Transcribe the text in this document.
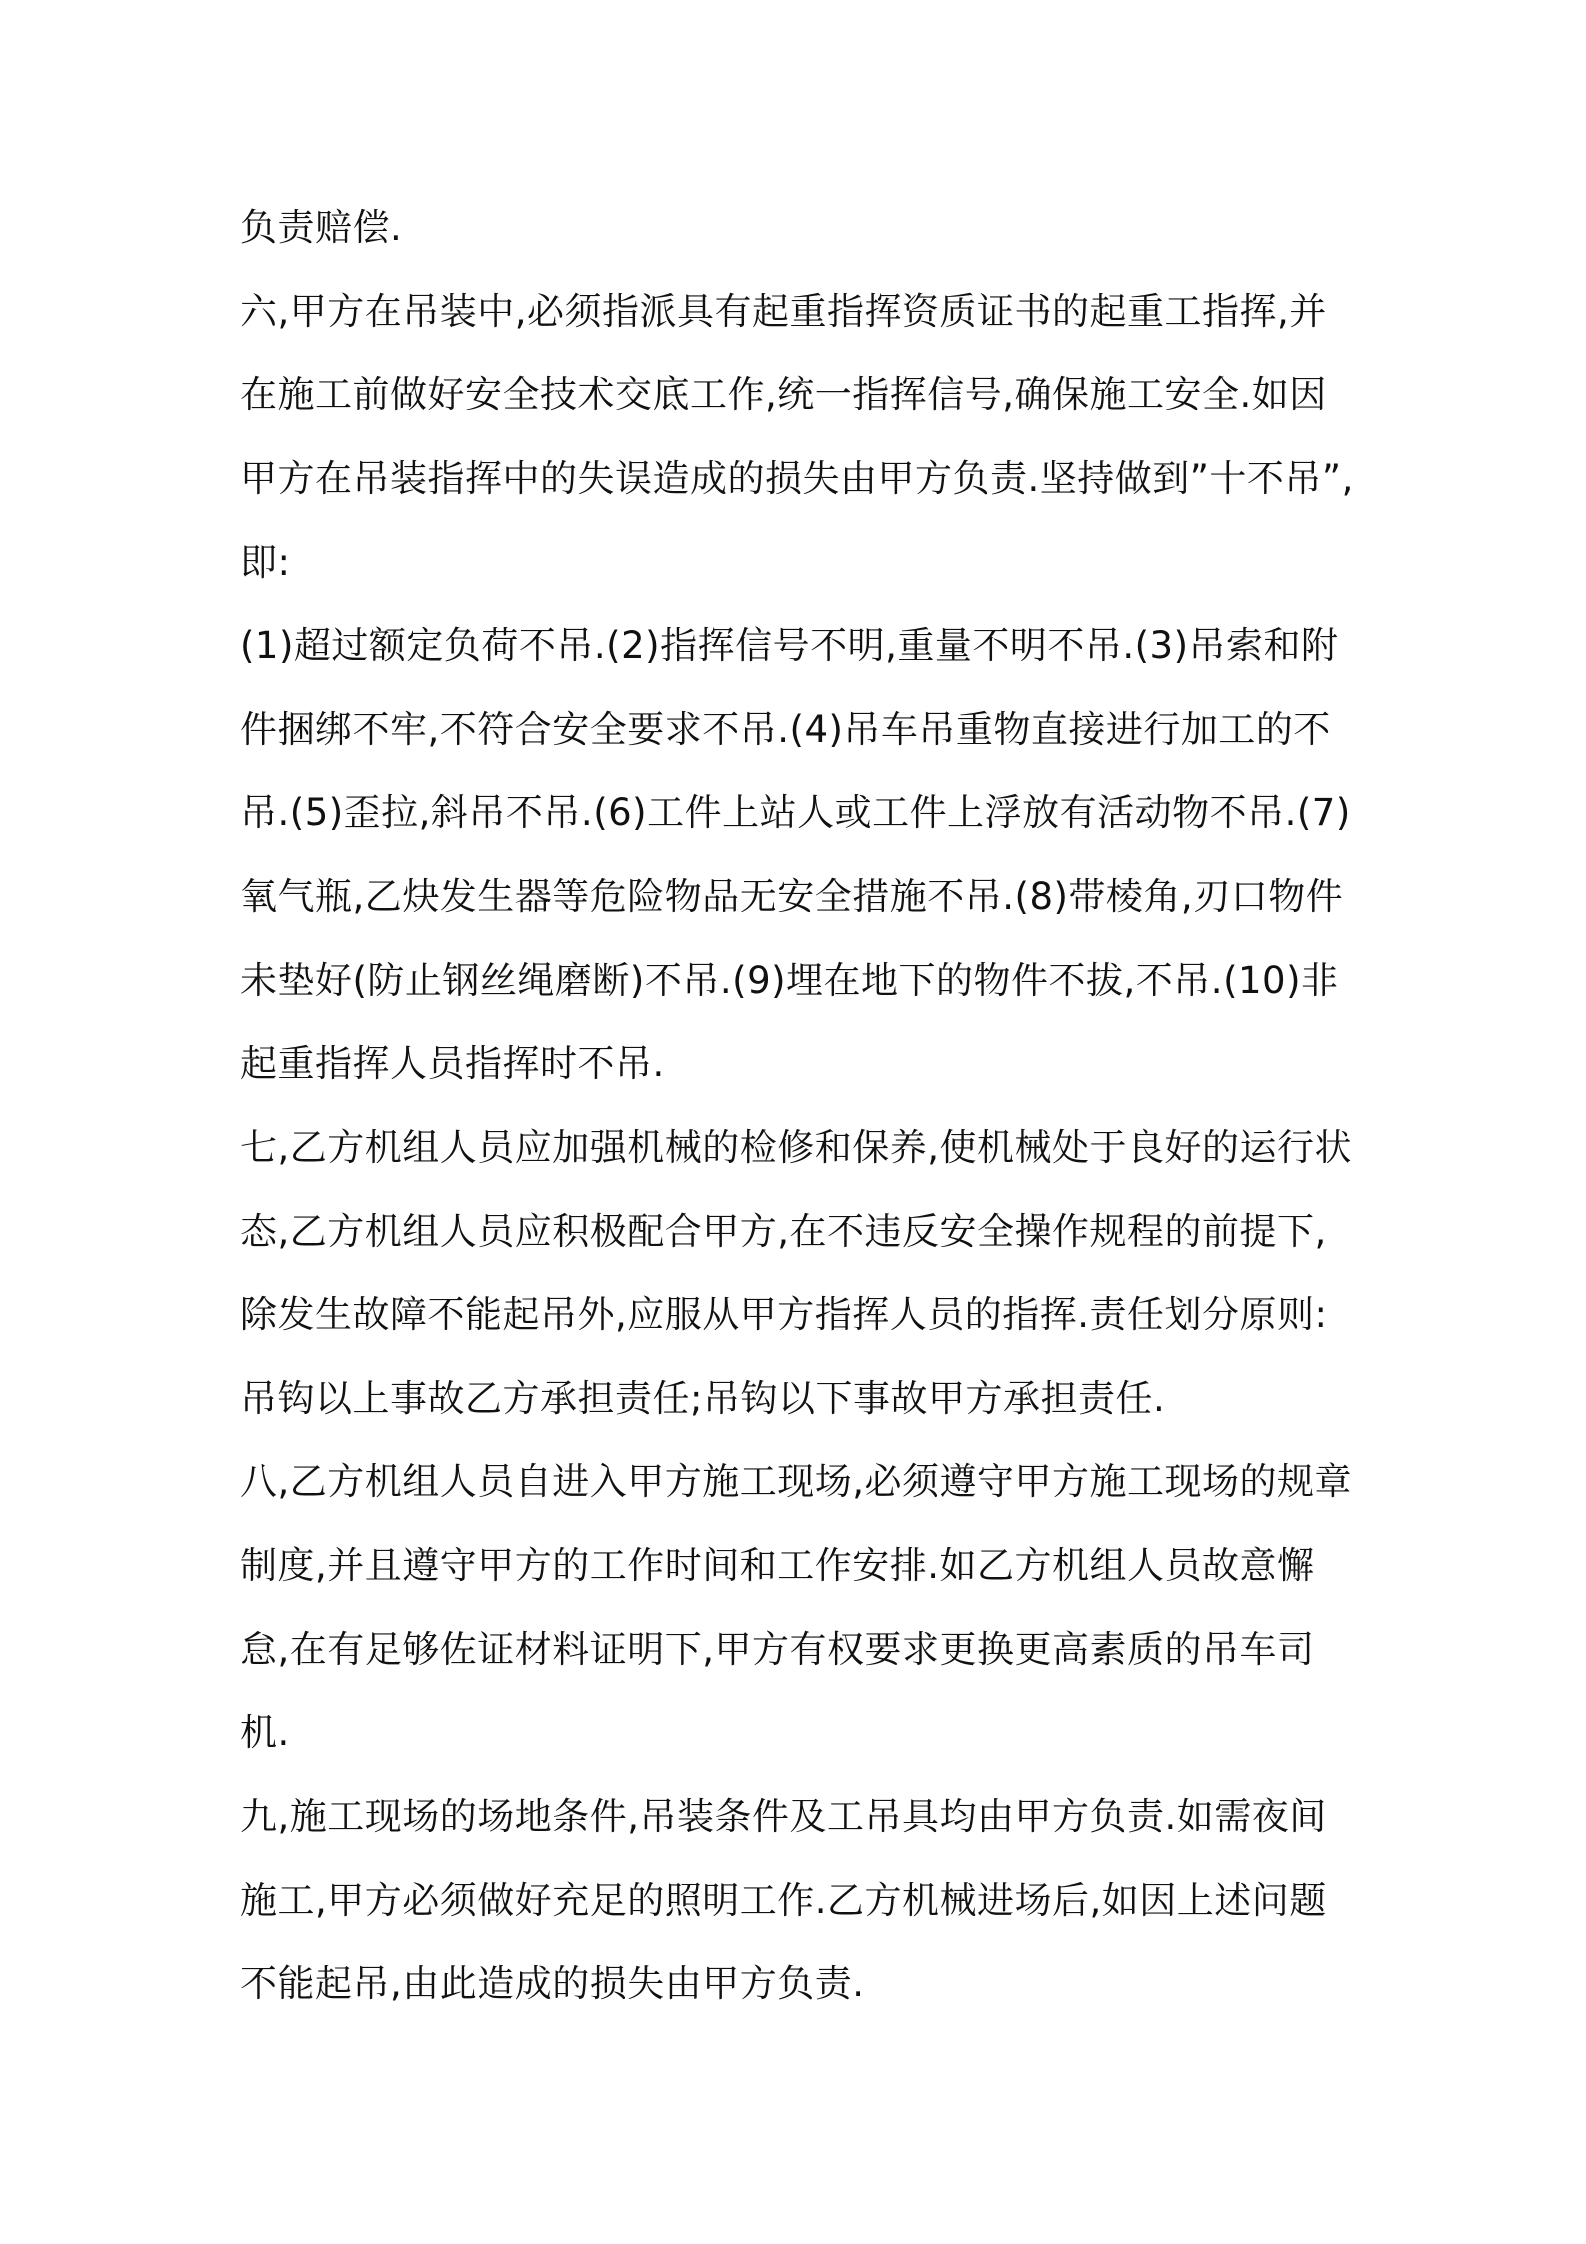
负责赔偿.

六,甲方在吊装中,必须指派具有起重指挥资质证书的起重工指挥,并

在施工前做好安全技术交底工作,统一指挥信号,确保施工安全.如因

甲方在吊装指挥中的失误造成的损失由甲方负责.坚持做到”十不吊”,

即:

(1)超过额定负荷不吊.(2)指挥信号不明,重量不明不吊.(3)吊索和附

件捆绑不牢,不符合安全要求不吊.(4)吊车吊重物直接进行加工的不

吊.(5)歪拉,斜吊不吊.(6)工件上站人或工件上浮放有活动物不吊.(7)

氧气瓶,乙炔发生器等危险物品无安全措施不吊.(8)带棱角,刃口物件

未垫好(防止钢丝绳磨断)不吊.(9)埋在地下的物件不拔,不吊.(10)非

起重指挥人员指挥时不吊.

七,乙方机组人员应加强机械的检修和保养,使机械处于良好的运行状

态,乙方机组人员应积极配合甲方,在不违反安全操作规程的前提下,

除发生故障不能起吊外,应服从甲方指挥人员的指挥.责任划分原则:

吊钩以上事故乙方承担责任;吊钩以下事故甲方承担责任.

八,乙方机组人员自进入甲方施工现场,必须遵守甲方施工现场的规章

制度,并且遵守甲方的工作时间和工作安排.如乙方机组人员故意懈

怠,在有足够佐证材料证明下,甲方有权要求更换更高素质的吊车司

机.

九,施工现场的场地条件,吊装条件及工吊具均由甲方负责.如需夜间

施工,甲方必须做好充足的照明工作.乙方机械进场后,如因上述问题

不能起吊,由此造成的损失由甲方负责.
